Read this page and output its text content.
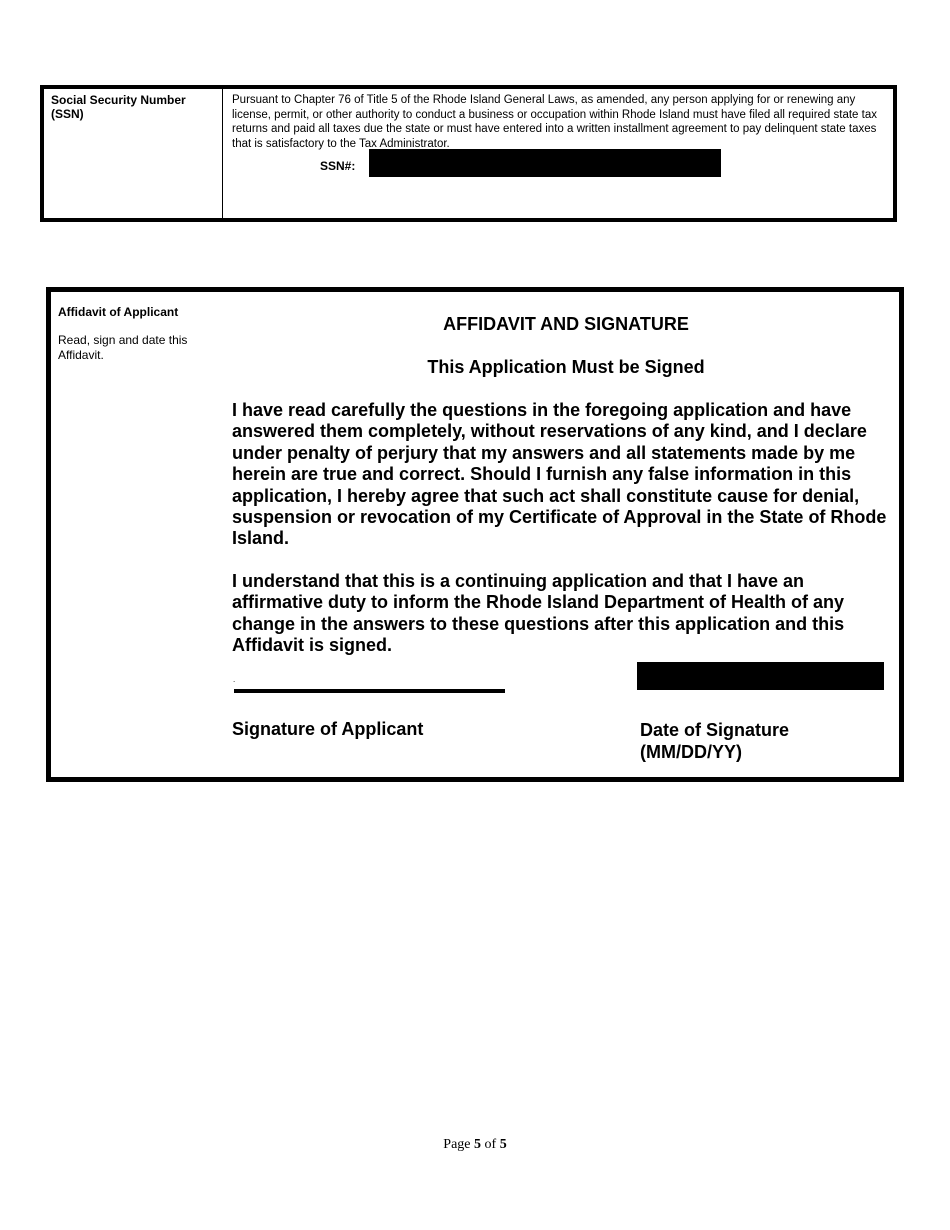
Social Security Number (SSN)
Pursuant to Chapter 76 of Title 5 of the Rhode Island General Laws, as amended, any person applying for or renewing any license, permit, or other authority to conduct a business or occupation within Rhode Island must have filed all required state tax returns and paid all taxes due the state or must have entered into a written installment agreement to pay delinquent state taxes that is satisfactory to the Tax Administrator.
SSN#:
Affidavit of Applicant
Read, sign and date this Affidavit.
AFFIDAVIT AND SIGNATURE
This Application Must be Signed
I have read carefully the questions in the foregoing application and have answered them completely, without reservations of any kind, and I declare under penalty of perjury that my answers and all statements made by me herein are true and correct. Should I furnish any false information in this application, I hereby agree that such act shall constitute cause for denial, suspension or revocation of my Certificate of Approval in the State of Rhode Island.
I understand that this is a continuing application and that I have an affirmative duty to inform the Rhode Island Department of Health of any change in the answers to these questions after this application and this Affidavit is signed.
.
Signature of Applicant	Date of Signature
(MM/DD/YY)
Page 5 of 5
